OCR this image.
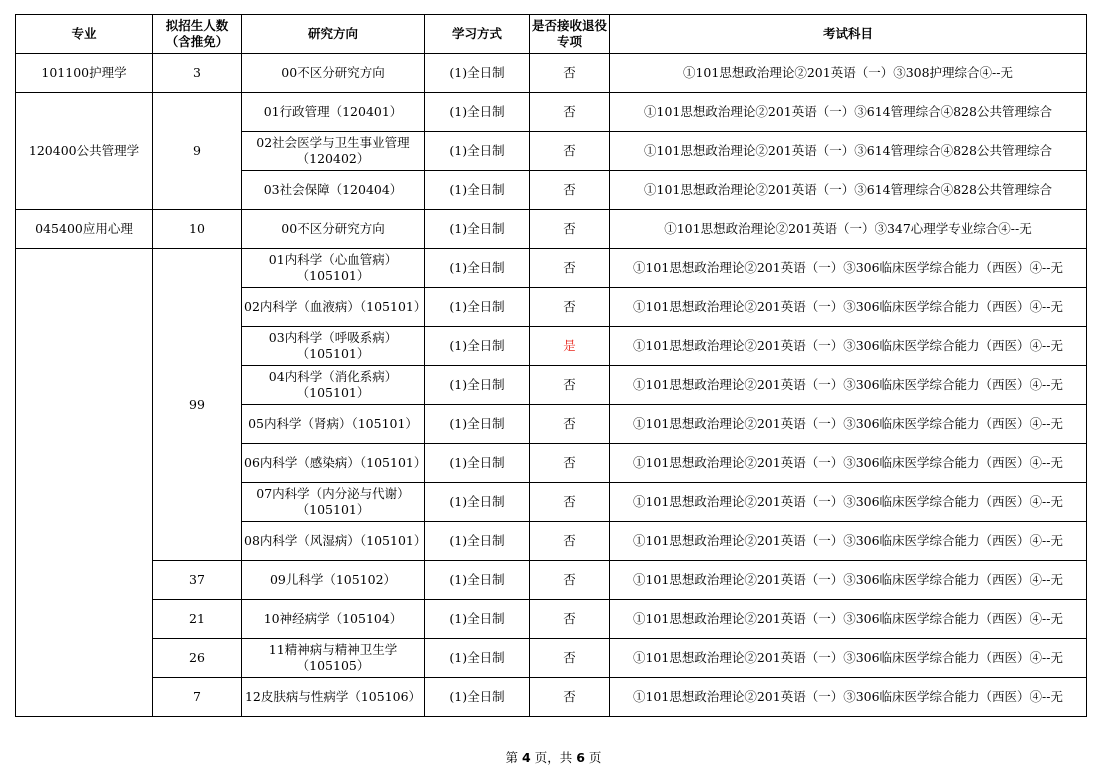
专业	拟招生人数（含推免）	研究方向	学习方式	是否接收退役专项	考试科目
101100护理学	3	00不区分研究方向	(1)全日制	否	①101思想政治理论②201英语（一）③308护理综合④--无
120400公共管理学	9	01行政管理（120401）	(1)全日制	否	①101思想政治理论②201英语（一）③614管理综合④828公共管理综合
		02社会医学与卫生事业管理（120402）	(1)全日制	否	①101思想政治理论②201英语（一）③614管理综合④828公共管理综合
		03社会保障（120404）	(1)全日制	否	①101思想政治理论②201英语（一）③614管理综合④828公共管理综合
045400应用心理	10	00不区分研究方向	(1)全日制	否	①101思想政治理论②201英语（一）③347心理学专业综合④--无
	99	01内科学（心血管病）（105101）	(1)全日制	否	①101思想政治理论②201英语（一）③306临床医学综合能力（西医）④--无
		02内科学（血液病）（105101）	(1)全日制	否	①101思想政治理论②201英语（一）③306临床医学综合能力（西医）④--无
		03内科学（呼吸系病）（105101）	(1)全日制	是	①101思想政治理论②201英语（一）③306临床医学综合能力（西医）④--无
		04内科学（消化系病）（105101）	(1)全日制	否	①101思想政治理论②201英语（一）③306临床医学综合能力（西医）④--无
		05内科学（肾病）（105101）	(1)全日制	否	①101思想政治理论②201英语（一）③306临床医学综合能力（西医）④--无
		06内科学（感染病）（105101）	(1)全日制	否	①101思想政治理论②201英语（一）③306临床医学综合能力（西医）④--无
		07内科学（内分泌与代谢）（105101）	(1)全日制	否	①101思想政治理论②201英语（一）③306临床医学综合能力（西医）④--无
		08内科学（风湿病）（105101）	(1)全日制	否	①101思想政治理论②201英语（一）③306临床医学综合能力（西医）④--无
	37	09儿科学（105102）	(1)全日制	否	①101思想政治理论②201英语（一）③306临床医学综合能力（西医）④--无
	21	10神经病学（105104）	(1)全日制	否	①101思想政治理论②201英语（一）③306临床医学综合能力（西医）④--无
	26	11精神病与精神卫生学（105105）	(1)全日制	否	①101思想政治理论②201英语（一）③306临床医学综合能力（西医）④--无
	7	12皮肤病与性病学（105106）	(1)全日制	否	①101思想政治理论②201英语（一）③306临床医学综合能力（西医）④--无
第 4 页，共 6 页
